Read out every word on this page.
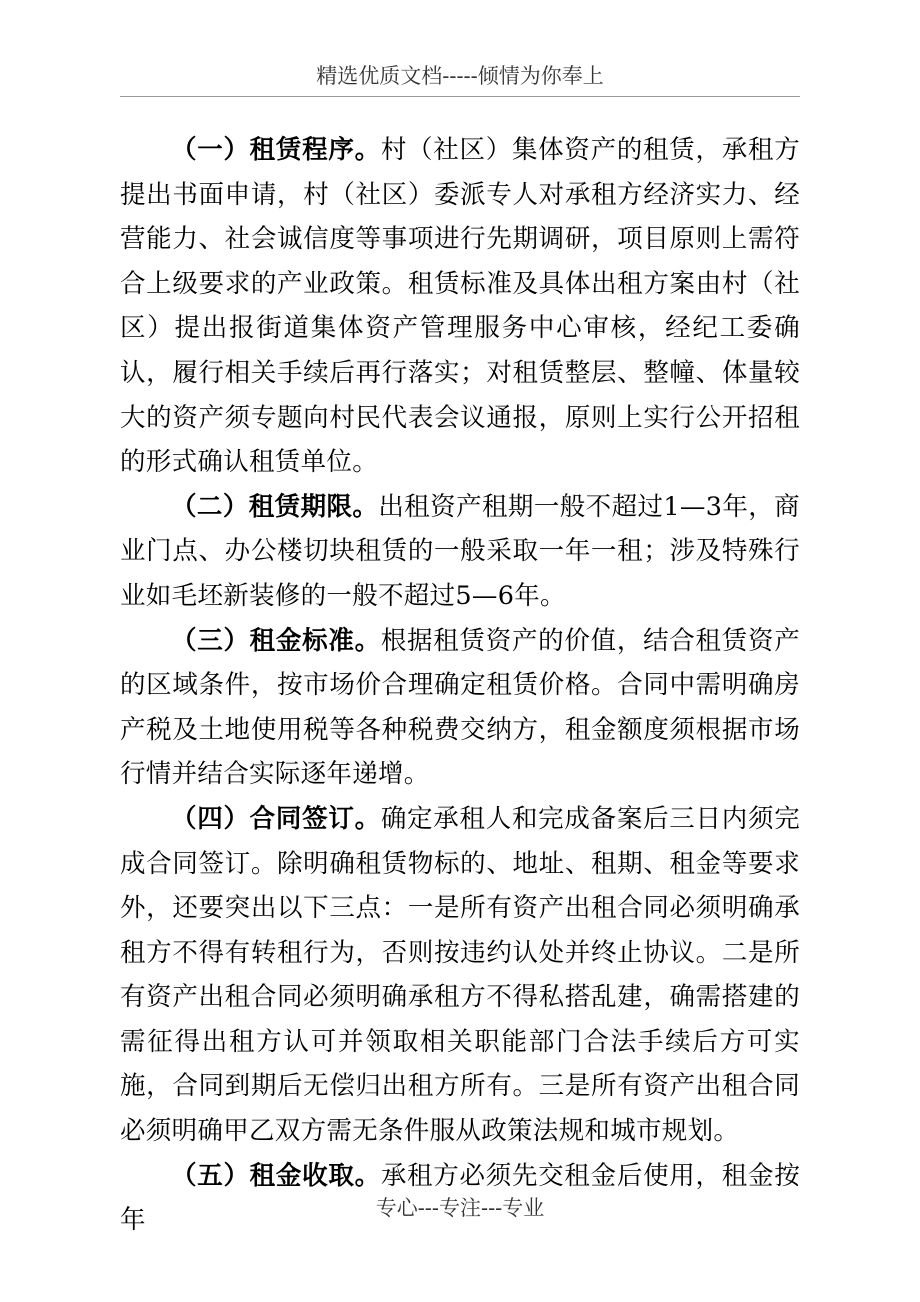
精选优质文档-----倾情为你奉上

（一）租赁程序。村（社区）集体资产的租赁，承租方提出书面申请，村（社区）委派专人对承租方经济实力、经营能力、社会诚信度等事项进行先期调研，项目原则上需符合上级要求的产业政策。租赁标准及具体出租方案由村（社区）提出报街道集体资产管理服务中心审核，经纪工委确认，履行相关手续后再行落实；对租赁整层、整幢、体量较大的资产须专题向村民代表会议通报，原则上实行公开招租的形式确认租赁单位。

（二）租赁期限。出租资产租期一般不超过1—3年，商业门点、办公楼切块租赁的一般采取一年一租；涉及特殊行业如毛坯新装修的一般不超过5—6年。

（三）租金标准。根据租赁资产的价值，结合租赁资产的区域条件，按市场价合理确定租赁价格。合同中需明确房产税及土地使用税等各种税费交纳方，租金额度须根据市场行情并结合实际逐年递增。

（四）合同签订。确定承租人和完成备案后三日内须完成合同签订。除明确租赁物标的、地址、租期、租金等要求外，还要突出以下三点：一是所有资产出租合同必须明确承租方不得有转租行为，否则按违约认处并终止协议。二是所有资产出租合同必须明确承租方不得私搭乱建，确需搭建的需征得出租方认可并领取相关职能部门合法手续后方可实施，合同到期后无偿归出租方所有。三是所有资产出租合同必须明确甲乙双方需无条件服从政策法规和城市规划。

（五）租金收取。承租方必须先交租金后使用，租金按年	专心---专注---专业
